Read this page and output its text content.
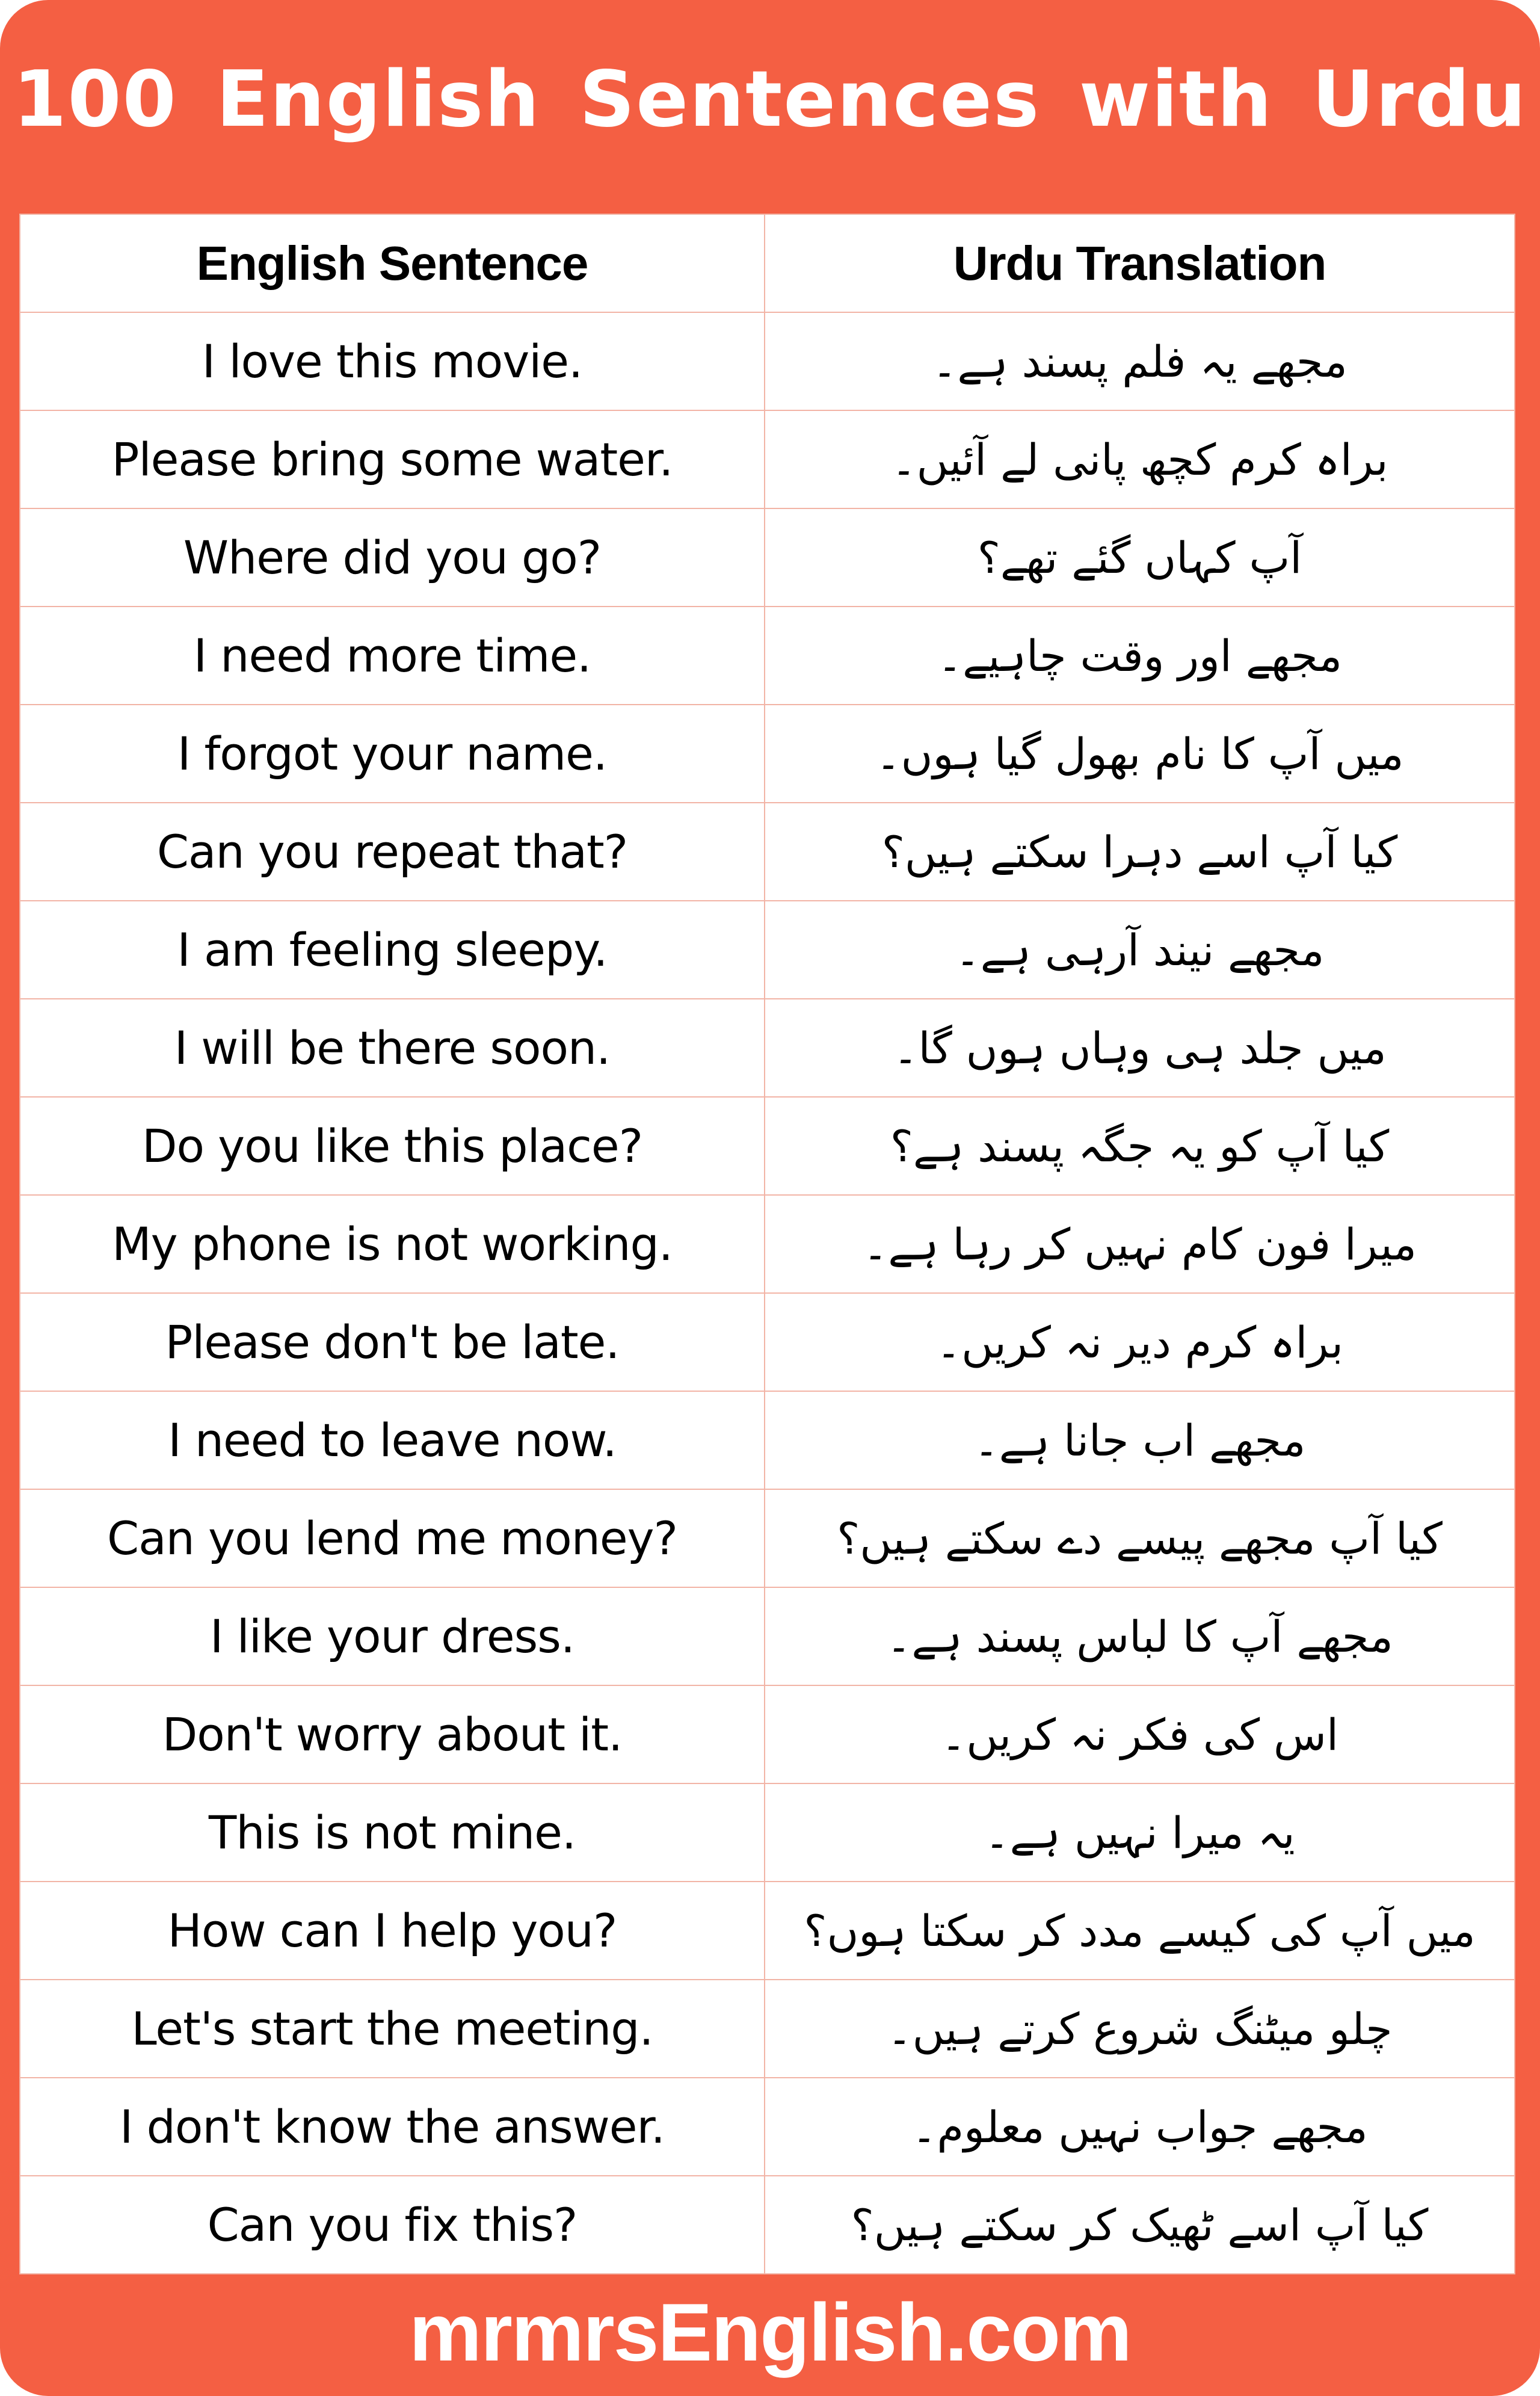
100 English Sentences with Urdu
English Sentence	Urdu Translation
I love this movie.	مجھے یہ فلم پسند ہے۔
Please bring some water.	براہ کرم کچھ پانی لے آئیں۔
Where did you go?	آپ کہاں گئے تھے؟
I need more time.	مجھے اور وقت چاہیے۔
I forgot your name.	میں آپ کا نام بھول گیا ہوں۔
Can you repeat that?	کیا آپ اسے دہرا سکتے ہیں؟
I am feeling sleepy.	مجھے نیند آرہی ہے۔
I will be there soon.	میں جلد ہی وہاں ہوں گا۔
Do you like this place?	کیا آپ کو یہ جگہ پسند ہے؟
My phone is not working.	میرا فون کام نہیں کر رہا ہے۔
Please don't be late.	براہ کرم دیر نہ کریں۔
I need to leave now.	مجھے اب جانا ہے۔
Can you lend me money?	کیا آپ مجھے پیسے دے سکتے ہیں؟
I like your dress.	مجھے آپ کا لباس پسند ہے۔
Don't worry about it.	اس کی فکر نہ کریں۔
This is not mine.	یہ میرا نہیں ہے۔
How can I help you?	میں آپ کی کیسے مدد کر سکتا ہوں؟
Let's start the meeting.	چلو میٹنگ شروع کرتے ہیں۔
I don't know the answer.	مجھے جواب نہیں معلوم۔
Can you fix this?	کیا آپ اسے ٹھیک کر سکتے ہیں؟
mrmrsEnglish.com
